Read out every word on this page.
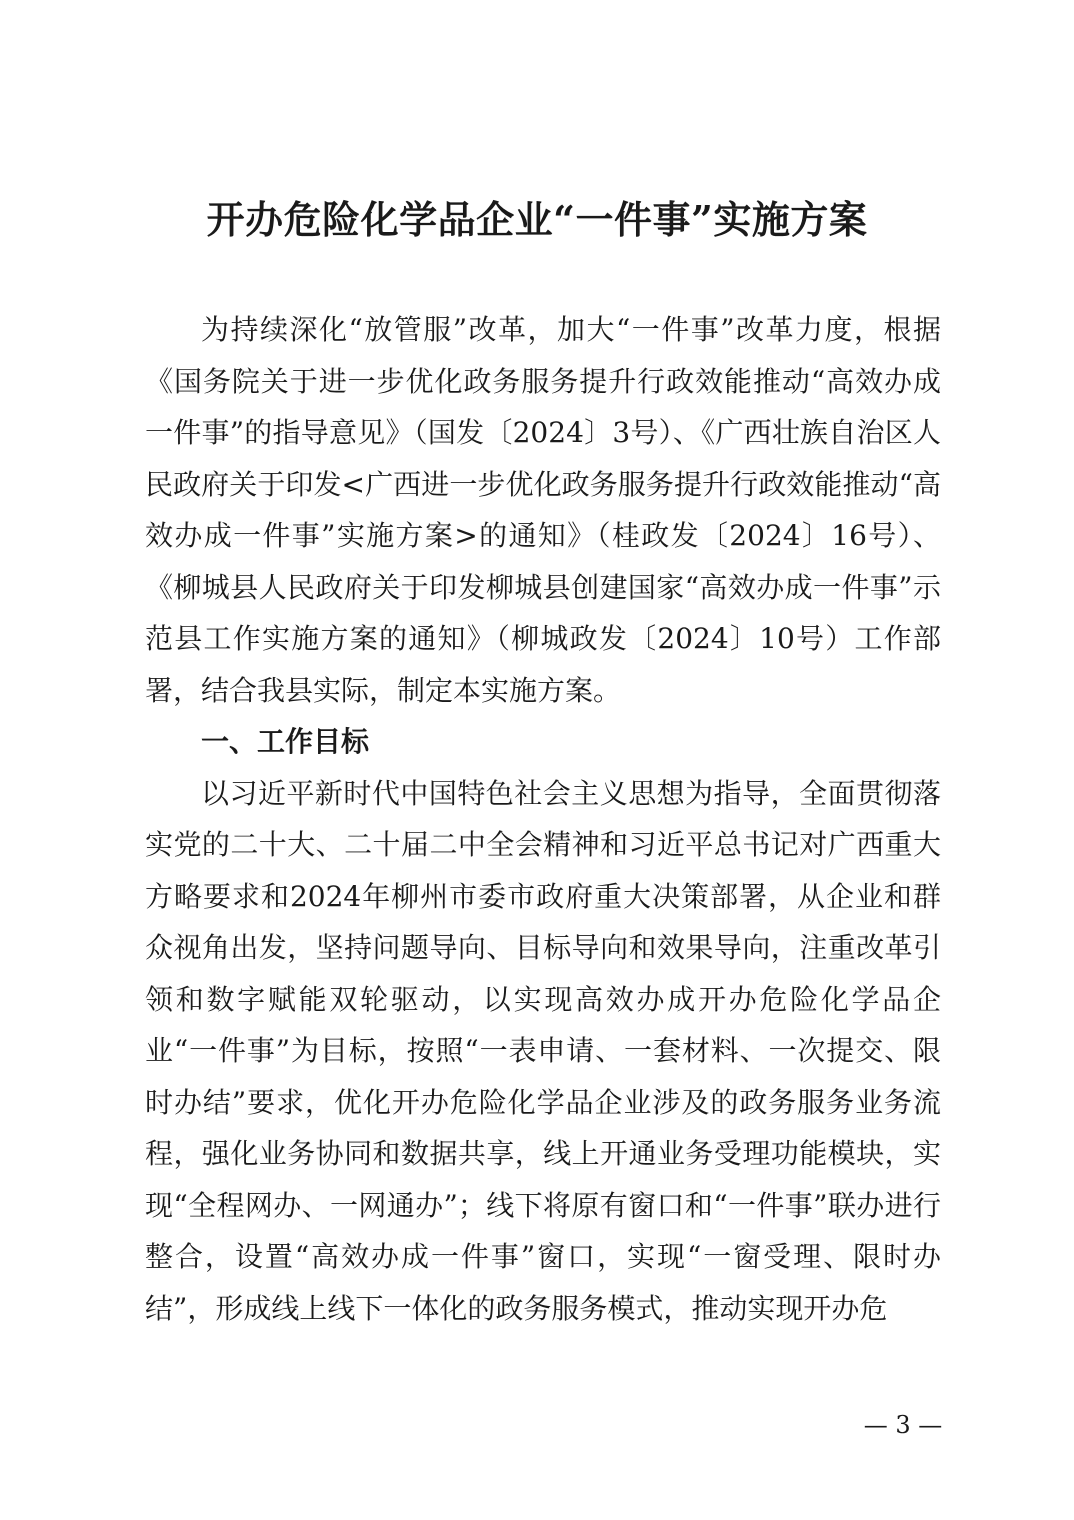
开办危险化学品企业“一件事”实施方案

为持续深化“放管服”改革，加大“一件事”改革力度，根据《国务院关于进一步优化政务服务提升行政效能推动“高效办成一件事”的指导意见》（国发〔2024〕3号）、《广西壮族自治区人民政府关于印发<广西进一步优化政务服务提升行政效能推动“高效办成一件事”实施方案>的通知》（桂政发〔2024〕16号）、《柳城县人民政府关于印发柳城县创建国家“高效办成一件事”示范县工作实施方案的通知》（柳城政发〔2024〕10号）工作部署，结合我县实际，制定本实施方案。

一、工作目标

以习近平新时代中国特色社会主义思想为指导，全面贯彻落实党的二十大、二十届二中全会精神和习近平总书记对广西重大方略要求和2024年柳州市委市政府重大决策部署，从企业和群众视角出发，坚持问题导向、目标导向和效果导向，注重改革引领和数字赋能双轮驱动，以实现高效办成开办危险化学品企业“一件事”为目标，按照“一表申请、一套材料、一次提交、限时办结”要求，优化开办危险化学品企业涉及的政务服务业务流程，强化业务协同和数据共享，线上开通业务受理功能模块，实现“全程网办、一网通办”；线下将原有窗口和“一件事”联办进行整合，设置“高效办成一件事”窗口，实现“一窗受理、限时办结”，形成线上线下一体化的政务服务模式，推动实现开办危

— 3 —
